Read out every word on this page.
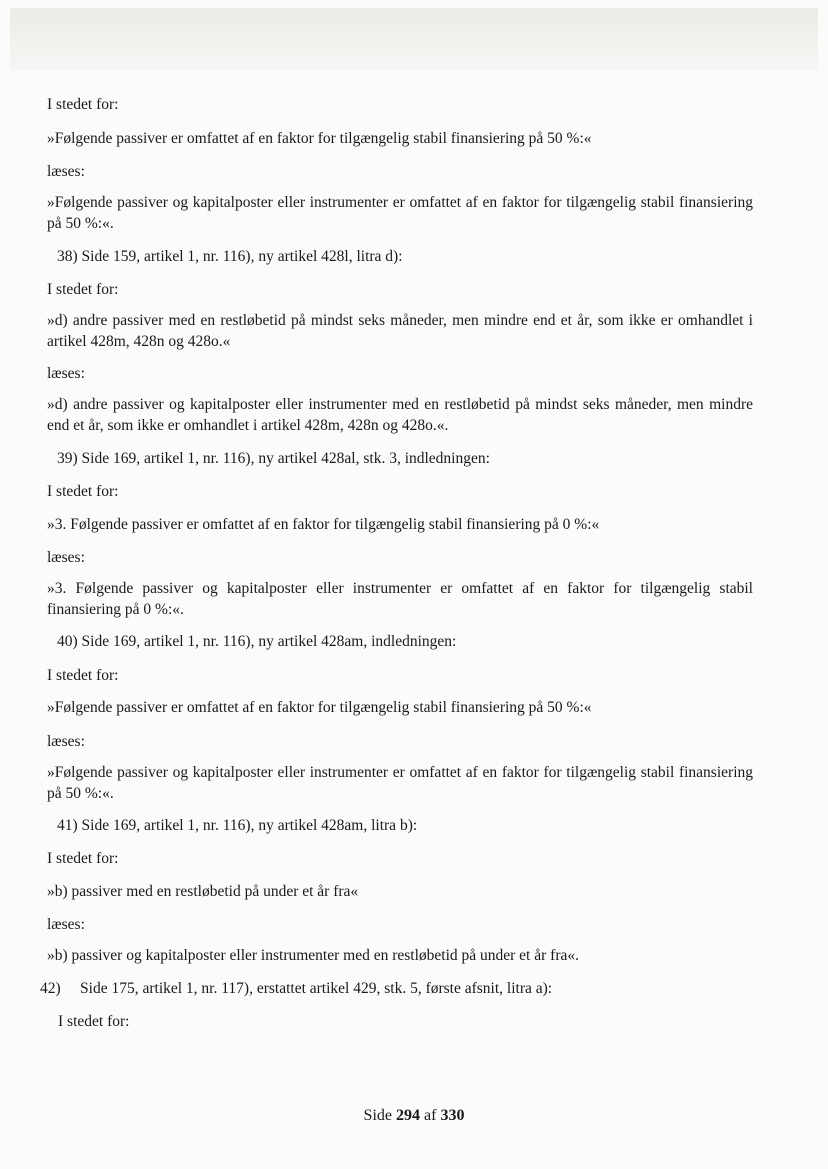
I stedet for:

»Følgende passiver er omfattet af en faktor for tilgængelig stabil finansiering på 50 %:«

læses:

»Følgende passiver og kapitalposter eller instrumenter er omfattet af en faktor for tilgængelig stabil finansiering på 50 %:«.

38) Side 159, artikel 1, nr. 116), ny artikel 428l, litra d):

I stedet for:

»d) andre passiver med en restløbetid på mindst seks måneder, men mindre end et år, som ikke er omhandlet i artikel 428m, 428n og 428o.«

læses:

»d) andre passiver og kapitalposter eller instrumenter med en restløbetid på mindst seks måneder, men mindre end et år, som ikke er omhandlet i artikel 428m, 428n og 428o.«.

39) Side 169, artikel 1, nr. 116), ny artikel 428al, stk. 3, indledningen:

I stedet for:

»3. Følgende passiver er omfattet af en faktor for tilgængelig stabil finansiering på 0 %:«

læses:

»3. Følgende passiver og kapitalposter eller instrumenter er omfattet af en faktor for tilgængelig stabil finansiering på 0 %:«.

40) Side 169, artikel 1, nr. 116), ny artikel 428am, indledningen:

I stedet for:

»Følgende passiver er omfattet af en faktor for tilgængelig stabil finansiering på 50 %:«

læses:

»Følgende passiver og kapitalposter eller instrumenter er omfattet af en faktor for tilgængelig stabil finansiering på 50 %:«.

41) Side 169, artikel 1, nr. 116), ny artikel 428am, litra b):

I stedet for:

»b) passiver med en restløbetid på under et år fra«

læses:

»b) passiver og kapitalposter eller instrumenter med en restløbetid på under et år fra«.

42)     Side 175, artikel 1, nr. 117), erstattet artikel 429, stk. 5, første afsnit, litra a):

I stedet for:

Side 294 af 330
